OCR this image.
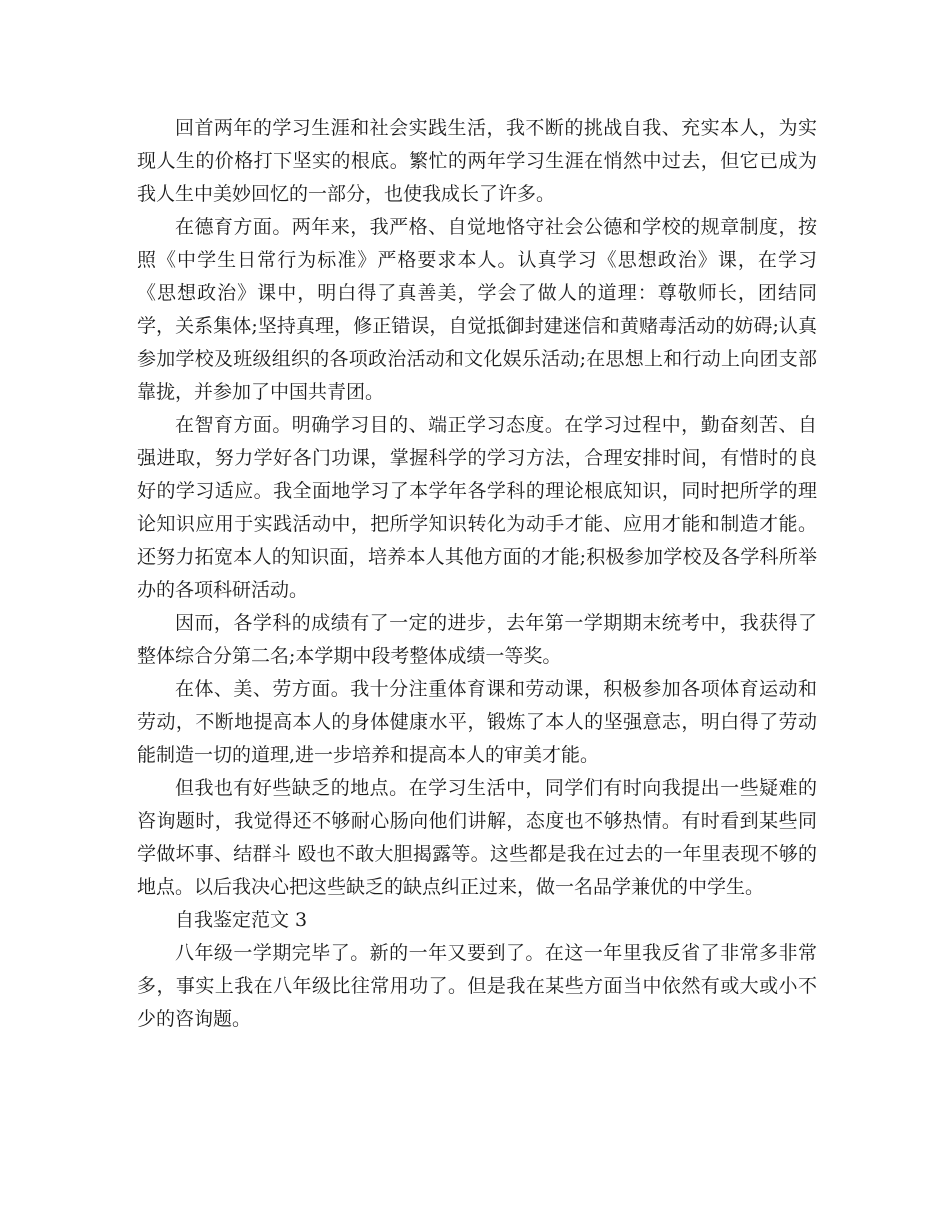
回首两年的学习生涯和社会实践生活，我不断的挑战自我、充实本人，为实现人生的价格打下坚实的根底。繁忙的两年学习生涯在悄然中过去，但它已成为我人生中美妙回忆的一部分，也使我成长了许多。

在德育方面。两年来，我严格、自觉地恪守社会公德和学校的规章制度，按照《中学生日常行为标准》严格要求本人。认真学习《思想政治》课，在学习《思想政治》课中，明白得了真善美，学会了做人的道理：尊敬师长，团结同学，关系集体;坚持真理，修正错误，自觉抵御封建迷信和黄赌毒活动的妨碍;认真参加学校及班级组织的各项政治活动和文化娱乐活动;在思想上和行动上向团支部靠拢，并参加了中国共青团。

在智育方面。明确学习目的、端正学习态度。在学习过程中，勤奋刻苦、自强进取，努力学好各门功课，掌握科学的学习方法，合理安排时间，有惜时的良好的学习适应。我全面地学习了本学年各学科的理论根底知识，同时把所学的理论知识应用于实践活动中，把所学知识转化为动手才能、应用才能和制造才能。还努力拓宽本人的知识面，培养本人其他方面的才能;积极参加学校及各学科所举办的各项科研活动。

因而，各学科的成绩有了一定的进步，去年第一学期期末统考中，我获得了整体综合分第二名;本学期中段考整体成绩一等奖。

在体、美、劳方面。我十分注重体育课和劳动课，积极参加各项体育运动和劳动，不断地提高本人的身体健康水平，锻炼了本人的坚强意志，明白得了劳动能制造一切的道理,进一步培养和提高本人的审美才能。

但我也有好些缺乏的地点。在学习生活中，同学们有时向我提出一些疑难的咨询题时，我觉得还不够耐心肠向他们讲解，态度也不够热情。有时看到某些同学做坏事、结群斗 殴也不敢大胆揭露等。这些都是我在过去的一年里表现不够的地点。以后我决心把这些缺乏的缺点纠正过来，做一名品学兼优的中学生。

自我鉴定范文 3

八年级一学期完毕了。新的一年又要到了。在这一年里我反省了非常多非常多，事实上我在八年级比往常用功了。但是我在某些方面当中依然有或大或小不少的咨询题。
